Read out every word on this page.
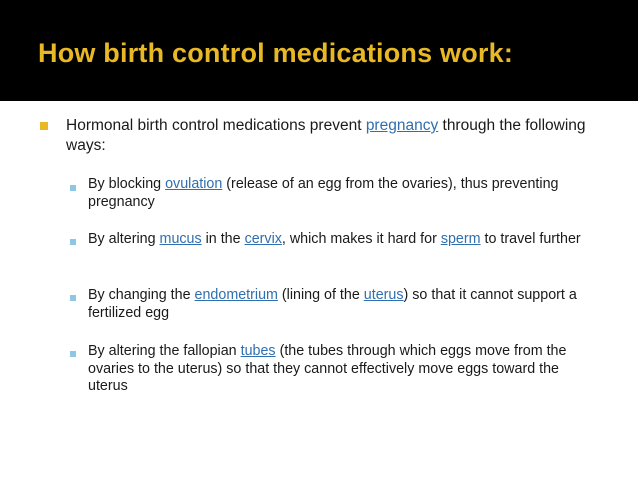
How birth control medications work:
Hormonal birth control medications prevent pregnancy through the following ways:
By blocking ovulation (release of an egg from the ovaries), thus preventing pregnancy
By altering mucus in the cervix, which makes it hard for sperm to travel further
By changing the endometrium (lining of the uterus) so that it cannot support a fertilized egg
By altering the fallopian tubes (the tubes through which eggs move from the ovaries to the uterus) so that they cannot effectively move eggs toward the uterus
